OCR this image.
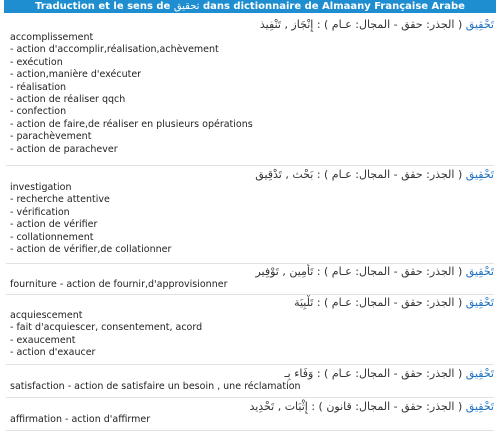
Traduction et le sens de تحقيق dans dictionnaire de Almaany Française Arabe
تَحْقِيق ( الجذر: حقق - المجال: عـام ) : إِنْجَاز , تَنْفِيذ
accomplissement
- action d'accomplir,réalisation,achèvement
- exécution
- action,manière d'exécuter
- réalisation
- action de réaliser qqch
- confection
- action de faire,de réaliser en plusieurs opérations
- parachèvement
- action de parachever
تَحْقِيق ( الجذر: حقق - المجال: عـام ) : بَحْث , تَدْقِيق
investigation
- recherche attentive
- vérification
- action de vérifier
- collationnement
- action de vérifier,de collationner
تَحْقِيق ( الجذر: حقق - المجال: عـام ) : تَأْمِين , تَوْفِير
fourniture - action de fournir,d'approvisionner
تَحْقِيق ( الجذر: حقق - المجال: عـام ) : تَلْبِيَة
acquiescement
- fait d'acquiescer, consentement, acord
- exaucement
- action d'exaucer
تَحْقِيق ( الجذر: حقق - المجال: عـام ) : وَفَاء بِـ
satisfaction - action de satisfaire un besoin , une réclamation
تَحْقِيق ( الجذر: حقق - المجال: قانون ) : إِثْبَات , تَحْدِيد
affirmation - action d'affirmer
